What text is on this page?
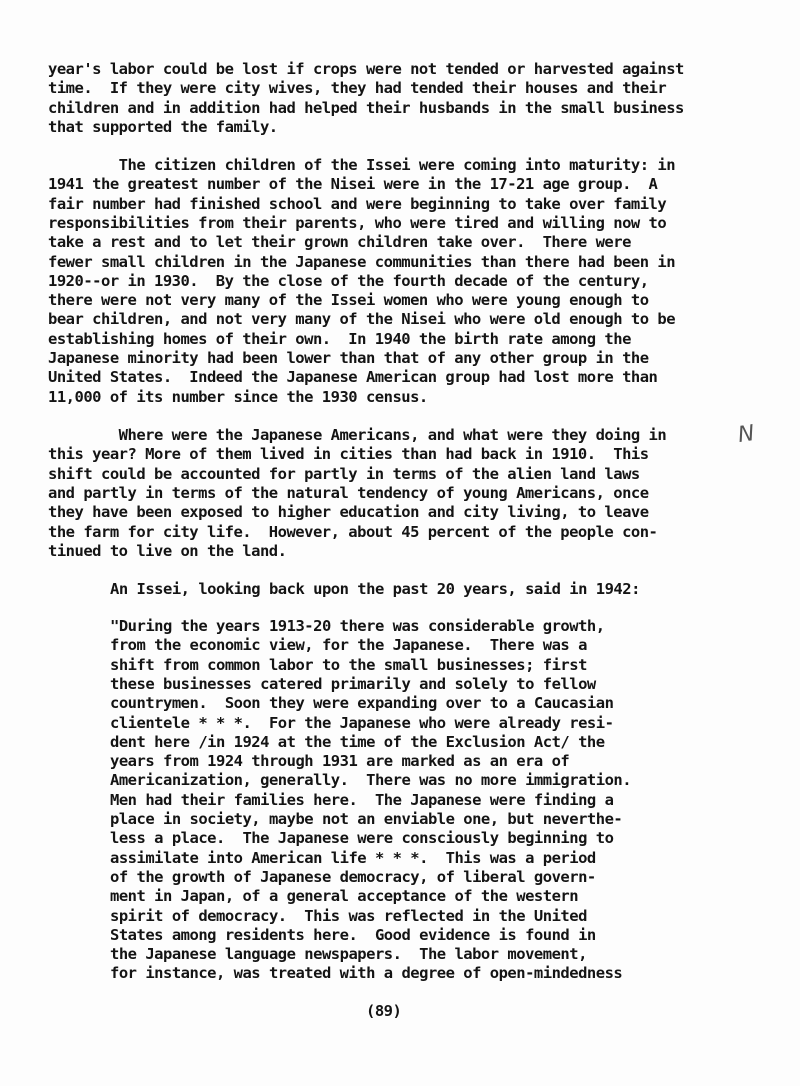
year's labor could be lost if crops were not tended or harvested against
time.  If they were city wives, they had tended their houses and their
children and in addition had helped their husbands in the small business
that supported the family.
The citizen children of the Issei were coming into maturity: in
1941 the greatest number of the Nisei were in the 17-21 age group.  A
fair number had finished school and were beginning to take over family
responsibilities from their parents, who were tired and willing now to
take a rest and to let their grown children take over.  There were
fewer small children in the Japanese communities than there had been in
1920--or in 1930.  By the close of the fourth decade of the century,
there were not very many of the Issei women who were young enough to
bear children, and not very many of the Nisei who were old enough to be
establishing homes of their own.  In 1940 the birth rate among the
Japanese minority had been lower than that of any other group in the
United States.  Indeed the Japanese American group had lost more than
11,000 of its number since the 1930 census.
Where were the Japanese Americans, and what were they doing in
this year? More of them lived in cities than had back in 1910.  This
shift could be accounted for partly in terms of the alien land laws
and partly in terms of the natural tendency of young Americans, once
they have been exposed to higher education and city living, to leave
the farm for city life.  However, about 45 percent of the people con-
tinued to live on the land.
An Issei, looking back upon the past 20 years, said in 1942:
"During the years 1913-20 there was considerable growth,
from the economic view, for the Japanese.  There was a
shift from common labor to the small businesses; first
these businesses catered primarily and solely to fellow
countrymen.  Soon they were expanding over to a Caucasian
clientele * * *.  For the Japanese who were already resi-
dent here /in 1924 at the time of the Exclusion Act/ the
years from 1924 through 1931 are marked as an era of
Americanization, generally.  There was no more immigration.
Men had their families here.  The Japanese were finding a
place in society, maybe not an enviable one, but neverthe-
less a place.  The Japanese were consciously beginning to
assimilate into American life * * *.  This was a period
of the growth of Japanese democracy, of liberal govern-
ment in Japan, of a general acceptance of the western
spirit of democracy.  This was reflected in the United
States among residents here.  Good evidence is found in
the Japanese language newspapers.  The labor movement,
for instance, was treated with a degree of open-mindedness
N
(89)
